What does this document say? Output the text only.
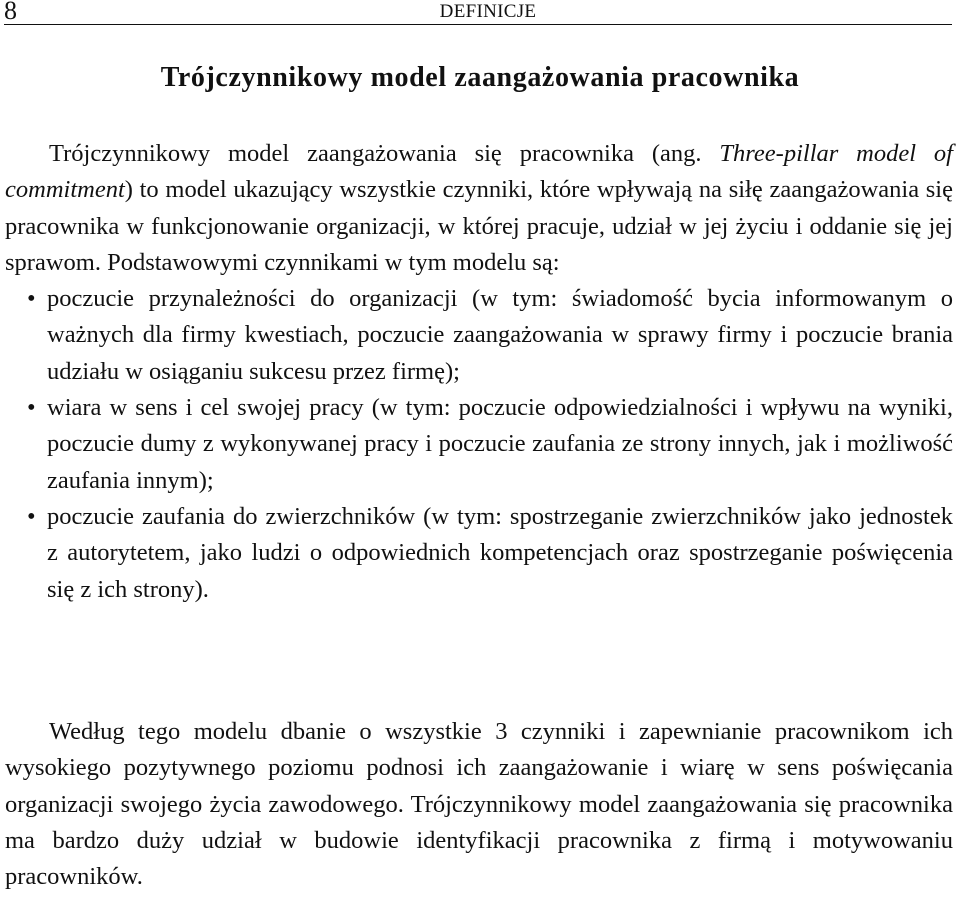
8	DEFINICJE
Trójczynnikowy model zaangażowania pracownika

Trójczynnikowy model zaangażowania się pracownika (ang. Three-pillar model of commitment) to model ukazujący wszystkie czynniki, które wpływają na siłę zaangażowania się pracownika w funkcjonowanie organizacji, w której pracuje, udział w jej życiu i oddanie się jej sprawom. Podstawowymi czynnikami w tym modelu są:

• poczucie przynależności do organizacji (w tym: świadomość bycia informowanym o ważnych dla firmy kwestiach, poczucie zaangażowania w sprawy firmy i poczucie brania udziału w osiąganiu sukcesu przez firmę);
• wiara w sens i cel swojej pracy (w tym: poczucie odpowiedzialności i wpływu na wyniki, poczucie dumy z wykonywanej pracy i poczucie zaufania ze strony innych, jak i możliwość zaufania innym);
• poczucie zaufania do zwierzchników (w tym: spostrzeganie zwierzchników jako jednostek z autorytetem, jako ludzi o odpowiednich kompetencjach oraz spostrzeganie poświęcenia się z ich strony).

Według tego modelu dbanie o wszystkie 3 czynniki i zapewnianie pracownikom ich wysokiego pozytywnego poziomu podnosi ich zaangażowanie i wiarę w sens poświęcania organizacji swojego życia zawodowego. Trójczynnikowy model zaangażowania się pracownika ma bardzo duży udział w budowie identyfikacji pracownika z firmą i motywowaniu pracowników.
